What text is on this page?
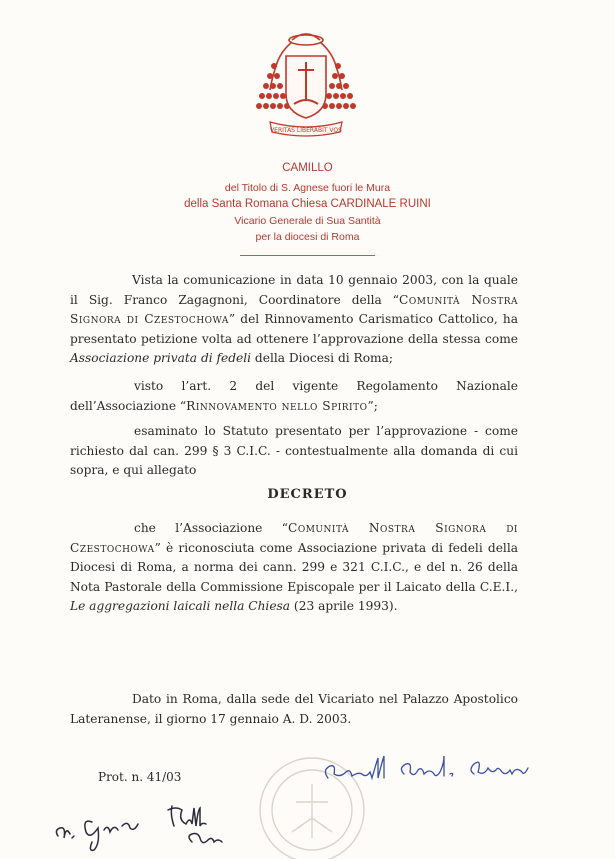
VERITAS LIBERABIT VOS
CAMILLO
del Titolo di S. Agnese fuori le Mura
della Santa Romana Chiesa CARDINALE RUINI
Vicario Generale di Sua Santità
per la diocesi di Roma
Vista la comunicazione in data 10 gennaio 2003, con la quale il Sig. Franco Zagagnoni, Coordinatore della “Comunità Nostra Signora di Czestochowa” del Rinnovamento Carismatico Cattolico, ha presentato petizione volta ad ottenere l’approvazione della stessa come Associazione privata di fedeli della Diocesi di Roma;
visto l’art. 2 del vigente Regolamento Nazionale dell’Associazione “Rinnovamento nello Spirito”;
esaminato lo Statuto presentato per l’approvazione - come richiesto dal can. 299 § 3 C.I.C. - contestualmente alla domanda di cui sopra, e qui allegato
DECRETO
che l’Associazione “Comunità Nostra Signora di Czestochowa” è riconosciuta come Associazione privata di fedeli della Diocesi di Roma, a norma dei cann. 299 e 321 C.I.C., e del n. 26 della Nota Pastorale della Commissione Episcopale per il Laicato della C.E.I., Le aggregazioni laicali nella Chiesa (23 aprile 1993).
Dato in Roma, dalla sede del Vicariato nel Palazzo Apostolico Lateranense, il giorno 17 gennaio A. D. 2003.
Prot. n. 41/03
